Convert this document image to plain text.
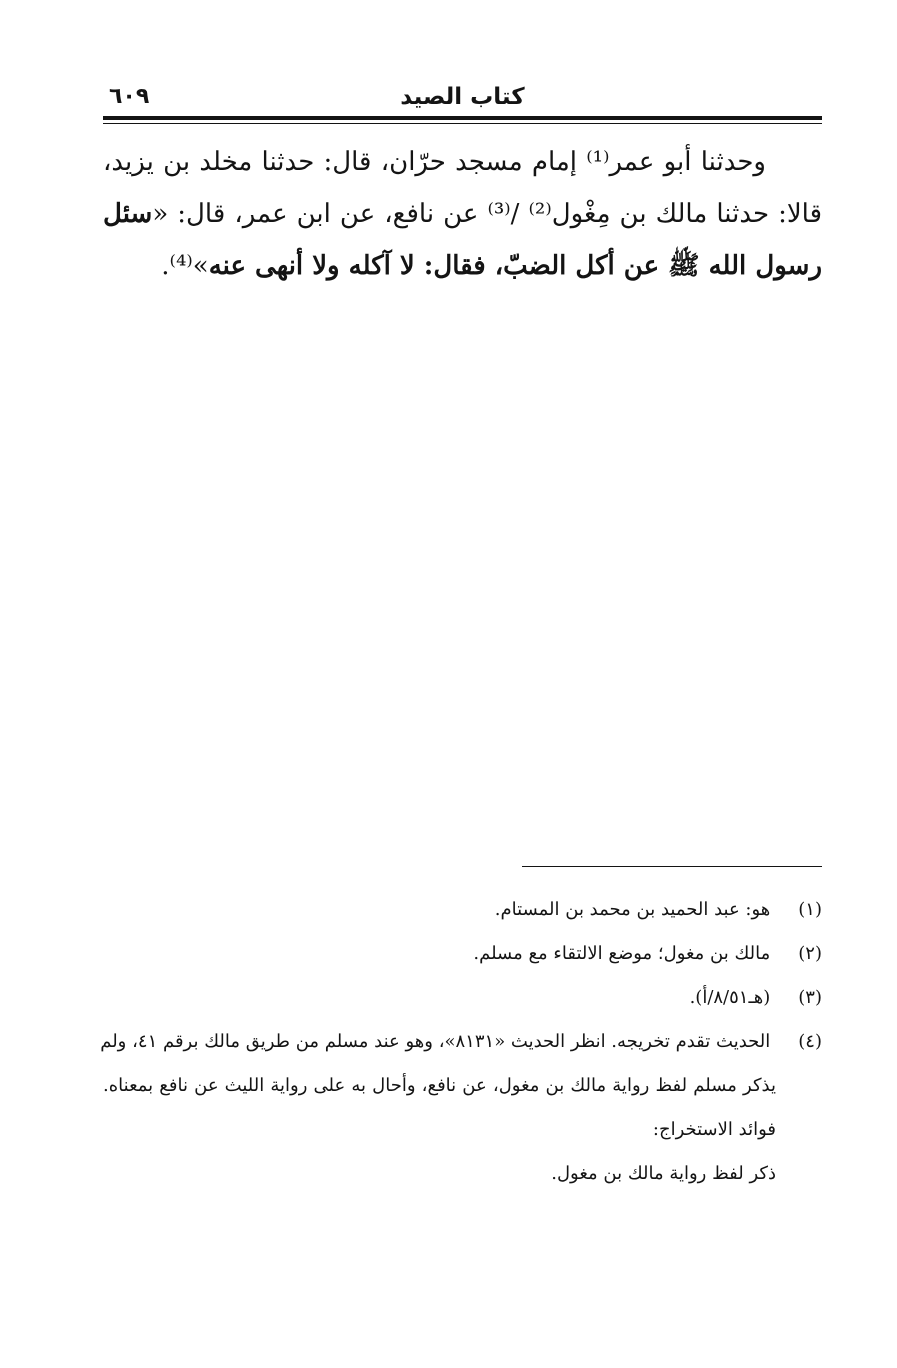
كتاب الصيد
٦٠٩
وحدثنا أبو عمر⁽¹⁾ إمام مسجد حرّان، قال: حدثنا مخلد بن يزيد،
قالا: حدثنا مالك بن مِغْول⁽²⁾ /⁽³⁾ عن نافع، عن ابن عمر، قال: «سئل
رسول الله ﷺ عن أكل الضبّ، فقال: لا آكله ولا أنهى عنه»⁽⁴⁾.
(١) هو: عبد الحميد بن محمد بن المستام.
(٢) مالك بن مغول؛ موضع الالتقاء مع مسلم.
(٣) (هـ٨/٥١/أ).
(٤) الحديث تقدم تخريجه. انظر الحديث «٨١٣١»، وهو عند مسلم من طريق مالك برقم ٤١، ولم
يذكر مسلم لفظ رواية مالك بن مغول، عن نافع، وأحال به على رواية الليث عن نافع بمعناه.
فوائد الاستخراج:
ذكر لفظ رواية مالك بن مغول.
